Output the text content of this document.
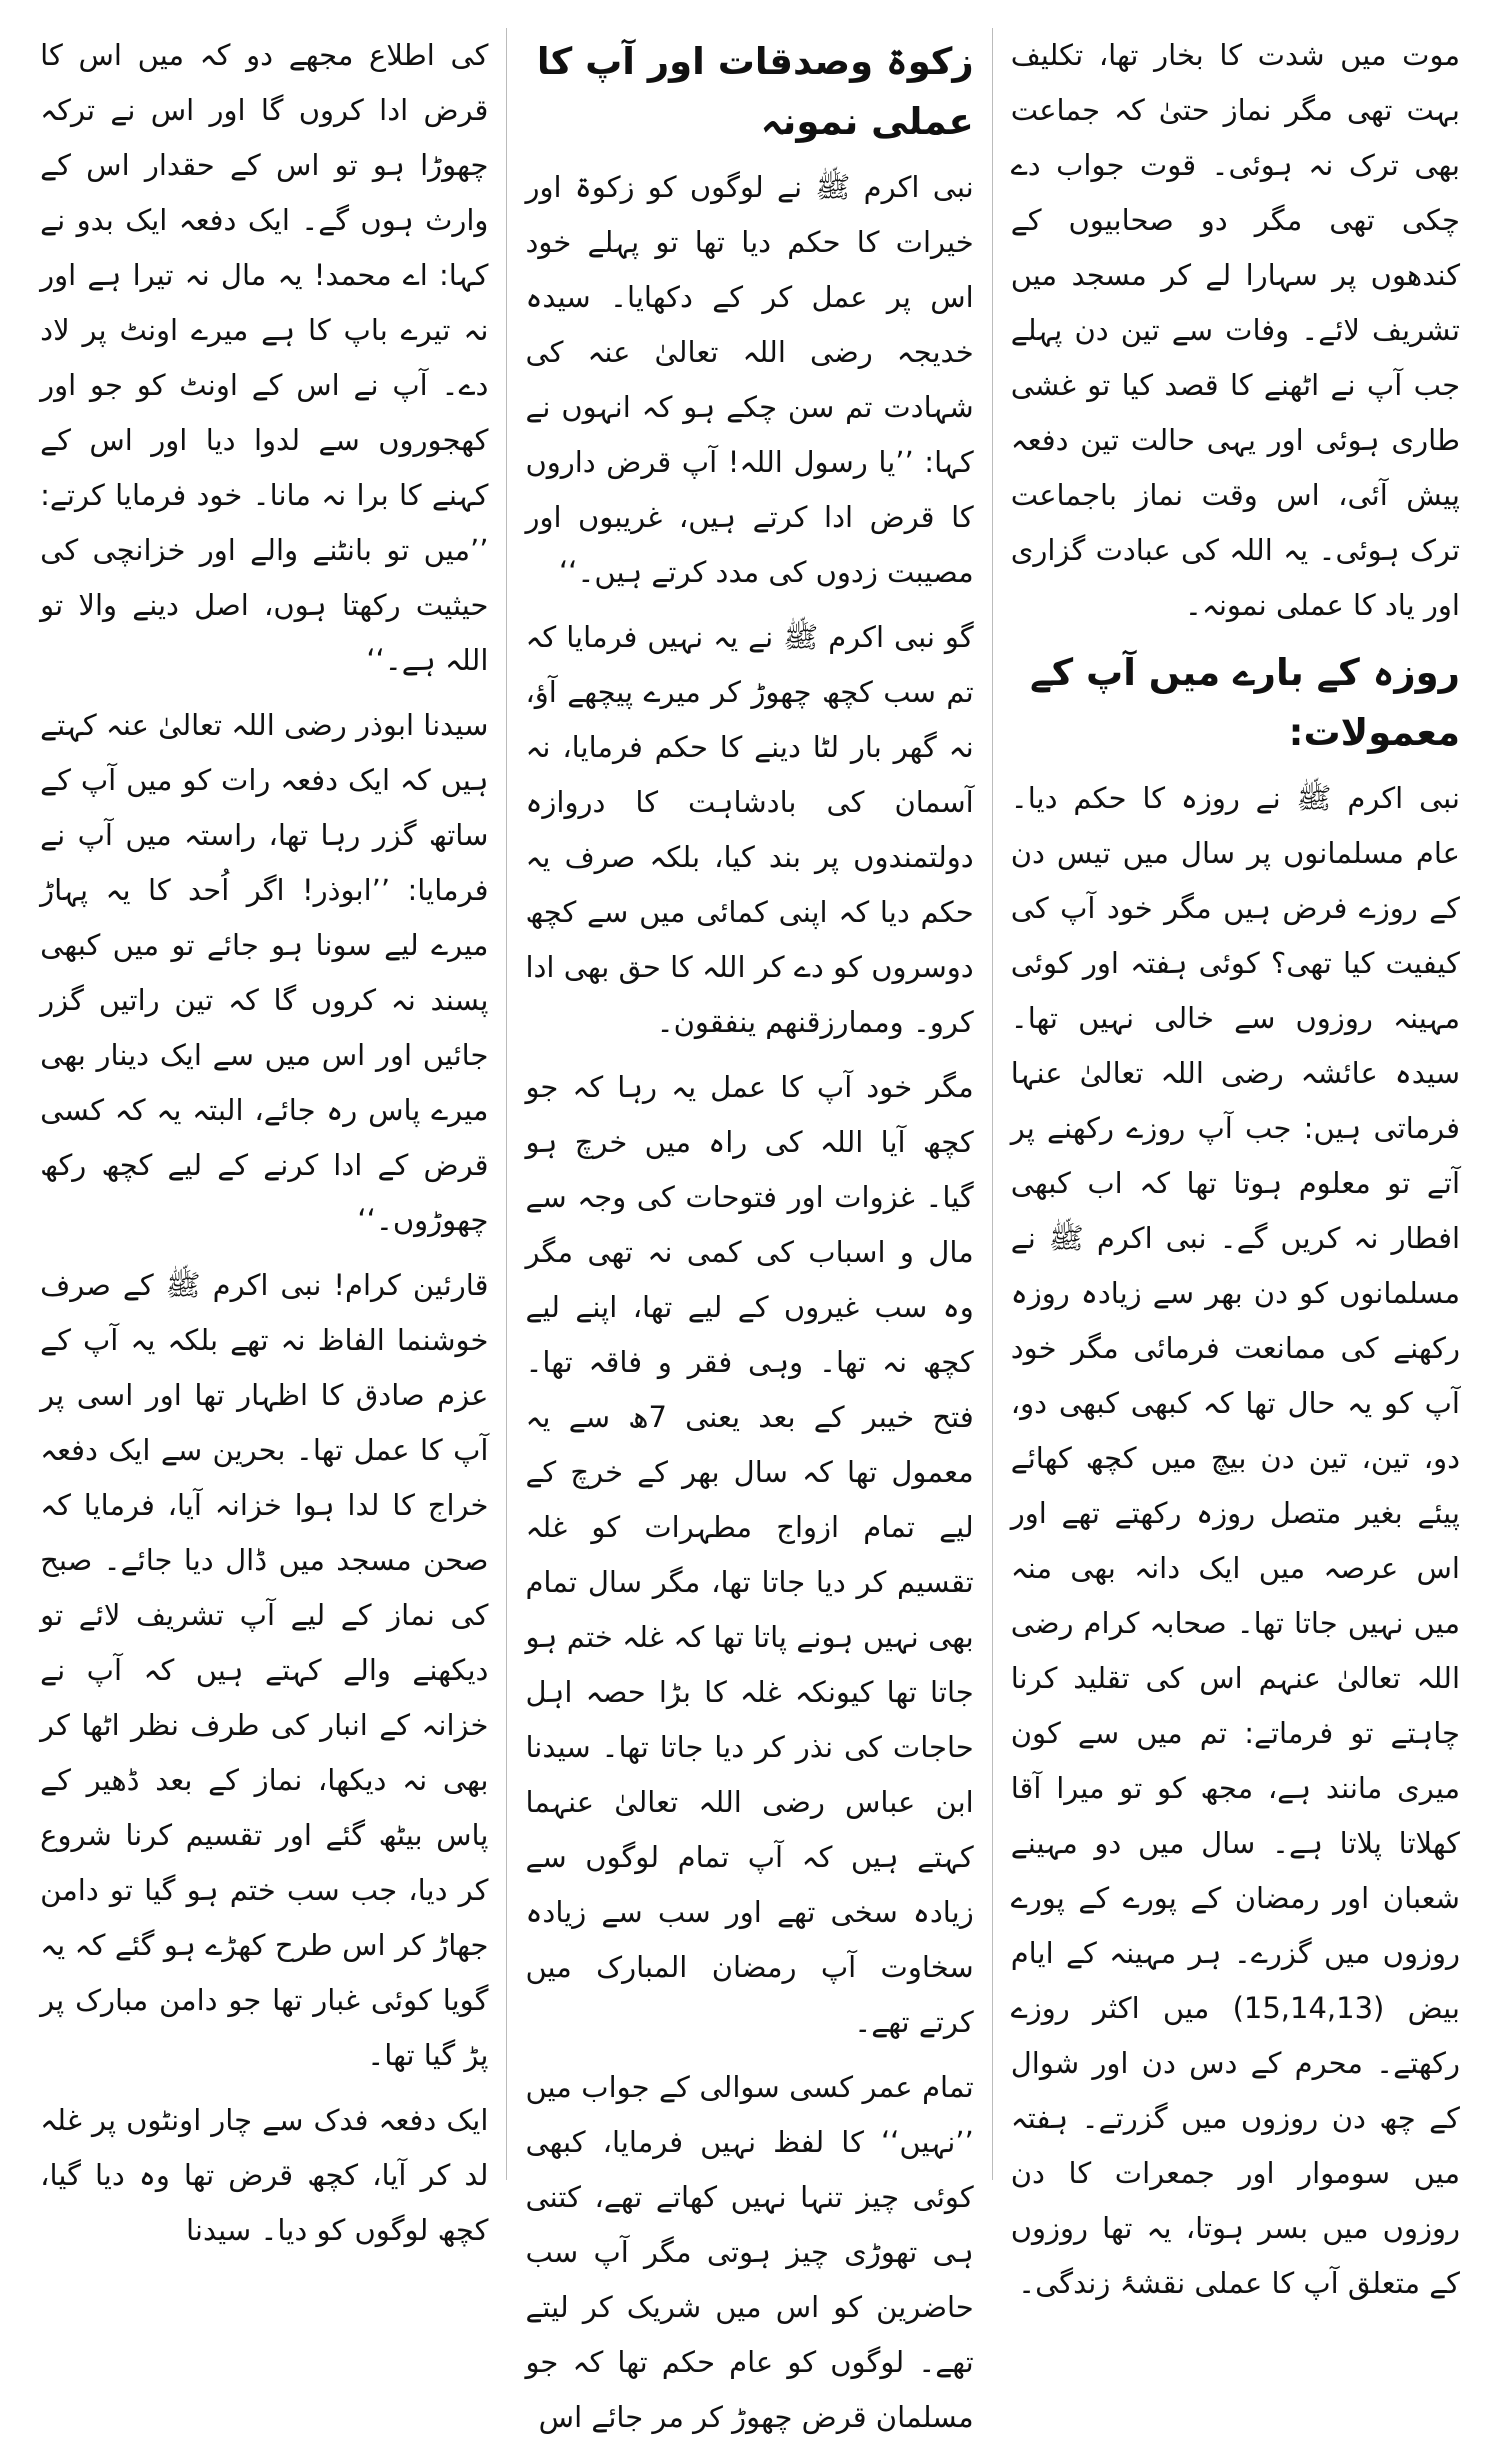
موت میں شدت کا بخار تھا، تکلیف بہت تھی مگر نماز حتیٰ کہ جماعت بھی ترک نہ ہوئی۔ قوت جواب دے چکی تھی مگر دو صحابیوں کے کندھوں پر سہارا لے کر مسجد میں تشریف لائے۔ وفات سے تین دن پہلے جب آپ نے اٹھنے کا قصد کیا تو غشی طاری ہوئی اور یہی حالت تین دفعہ پیش آئی، اس وقت نماز باجماعت ترک ہوئی۔ یہ اللہ کی عبادت گزاری اور یاد کا عملی نمونہ۔

روزہ کے بارے میں آپ کے معمولات:

نبی اکرم ﷺ نے روزہ کا حکم دیا۔ عام مسلمانوں پر سال میں تیس دن کے روزے فرض ہیں مگر خود آپ کی کیفیت کیا تھی؟ کوئی ہفتہ اور کوئی مہینہ روزوں سے خالی نہیں تھا۔ سیدہ عائشہ رضی اللہ تعالیٰ عنہا فرماتی ہیں: جب آپ روزے رکھنے پر آتے تو معلوم ہوتا تھا کہ اب کبھی افطار نہ کریں گے۔ نبی اکرم ﷺ نے مسلمانوں کو دن بھر سے زیادہ روزہ رکھنے کی ممانعت فرمائی مگر خود آپ کو یہ حال تھا کہ کبھی کبھی دو، دو، تین، تین دن بیچ میں کچھ کھائے پیئے بغیر متصل روزہ رکھتے تھے اور اس عرصہ میں ایک دانہ بھی منہ میں نہیں جاتا تھا۔ صحابہ کرام رضی اللہ تعالیٰ عنہم اس کی تقلید کرنا چاہتے تو فرماتے: تم میں سے کون میری مانند ہے، مجھ کو تو میرا آقا کھلاتا پلاتا ہے۔ سال میں دو مہینے شعبان اور رمضان کے پورے کے پورے روزوں میں گزرے۔ ہر مہینہ کے ایام بیض (15,14,13) میں اکثر روزے رکھتے۔ محرم کے دس دن اور شوال کے چھ دن روزوں میں گزرتے۔ ہفتہ میں سوموار اور جمعرات کا دن روزوں میں بسر ہوتا، یہ تھا روزوں کے متعلق آپ کا عملی نقشۂ زندگی۔

زکوۃ وصدقات اور آپ کا عملی نمونہ

نبی اکرم ﷺ نے لوگوں کو زکوۃ اور خیرات کا حکم دیا تھا تو پہلے خود اس پر عمل کر کے دکھایا۔ سیدہ خدیجہ رضی اللہ تعالیٰ عنہ کی شہادت تم سن چکے ہو کہ انہوں نے کہا: ’’یا رسول اللہ! آپ قرض داروں کا قرض ادا کرتے ہیں، غریبوں اور مصیبت زدوں کی مدد کرتے ہیں۔‘‘

گو نبی اکرم ﷺ نے یہ نہیں فرمایا کہ تم سب کچھ چھوڑ کر میرے پیچھے آؤ، نہ گھر بار لٹا دینے کا حکم فرمایا، نہ آسمان کی بادشاہت کا دروازہ دولتمندوں پر بند کیا، بلکہ صرف یہ حکم دیا کہ اپنی کمائی میں سے کچھ دوسروں کو دے کر اللہ کا حق بھی ادا کرو۔ وممارزقنھم ینفقون۔

مگر خود آپ کا عمل یہ رہا کہ جو کچھ آیا اللہ کی راہ میں خرچ ہو گیا۔ غزوات اور فتوحات کی وجہ سے مال و اسباب کی کمی نہ تھی مگر وہ سب غیروں کے لیے تھا، اپنے لیے کچھ نہ تھا۔ وہی فقر و فاقہ تھا۔ فتح خیبر کے بعد یعنی 7ھ سے یہ معمول تھا کہ سال بھر کے خرچ کے لیے تمام ازواج مطہرات کو غلہ تقسیم کر دیا جاتا تھا، مگر سال تمام بھی نہیں ہونے پاتا تھا کہ غلہ ختم ہو جاتا تھا کیونکہ غلہ کا بڑا حصہ اہل حاجات کی نذر کر دیا جاتا تھا۔ سیدنا ابن عباس رضی اللہ تعالیٰ عنہما کہتے ہیں کہ آپ تمام لوگوں سے زیادہ سخی تھے اور سب سے زیادہ سخاوت آپ رمضان المبارک میں کرتے تھے۔

تمام عمر کسی سوالی کے جواب میں ’’نہیں‘‘ کا لفظ نہیں فرمایا، کبھی کوئی چیز تنہا نہیں کھاتے تھے، کتنی ہی تھوڑی چیز ہوتی مگر آپ سب حاضرین کو اس میں شریک کر لیتے تھے۔ لوگوں کو عام حکم تھا کہ جو مسلمان قرض چھوڑ کر مر جائے اس

کی اطلاع مجھے دو کہ میں اس کا قرض ادا کروں گا اور اس نے ترکہ چھوڑا ہو تو اس کے حقدار اس کے وارث ہوں گے۔ ایک دفعہ ایک بدو نے کہا: اے محمد! یہ مال نہ تیرا ہے اور نہ تیرے باپ کا ہے میرے اونٹ پر لاد دے۔ آپ نے اس کے اونٹ کو جو اور کھجوروں سے لدوا دیا اور اس کے کہنے کا برا نہ مانا۔ خود فرمایا کرتے: ’’میں تو بانٹنے والے اور خزانچی کی حیثیت رکھتا ہوں، اصل دینے والا تو اللہ ہے۔‘‘

سیدنا ابوذر رضی اللہ تعالیٰ عنہ کہتے ہیں کہ ایک دفعہ رات کو میں آپ کے ساتھ گزر رہا تھا، راستہ میں آپ نے فرمایا: ’’ابوذر! اگر اُحد کا یہ پہاڑ میرے لیے سونا ہو جائے تو میں کبھی پسند نہ کروں گا کہ تین راتیں گزر جائیں اور اس میں سے ایک دینار بھی میرے پاس رہ جائے، البتہ یہ کہ کسی قرض کے ادا کرنے کے لیے کچھ رکھ چھوڑوں۔‘‘

قارئین کرام! نبی اکرم ﷺ کے صرف خوشنما الفاظ نہ تھے بلکہ یہ آپ کے عزم صادق کا اظہار تھا اور اسی پر آپ کا عمل تھا۔ بحرین سے ایک دفعہ خراج کا لدا ہوا خزانہ آیا، فرمایا کہ صحن مسجد میں ڈال دیا جائے۔ صبح کی نماز کے لیے آپ تشریف لائے تو دیکھنے والے کہتے ہیں کہ آپ نے خزانہ کے انبار کی طرف نظر اٹھا کر بھی نہ دیکھا، نماز کے بعد ڈھیر کے پاس بیٹھ گئے اور تقسیم کرنا شروع کر دیا، جب سب ختم ہو گیا تو دامن جھاڑ کر اس طرح کھڑے ہو گئے کہ یہ گویا کوئی غبار تھا جو دامن مبارک پر پڑ گیا تھا۔

ایک دفعہ فدک سے چار اونٹوں پر غلہ لد کر آیا، کچھ قرض تھا وہ دیا گیا، کچھ لوگوں کو دیا۔ سیدنا
